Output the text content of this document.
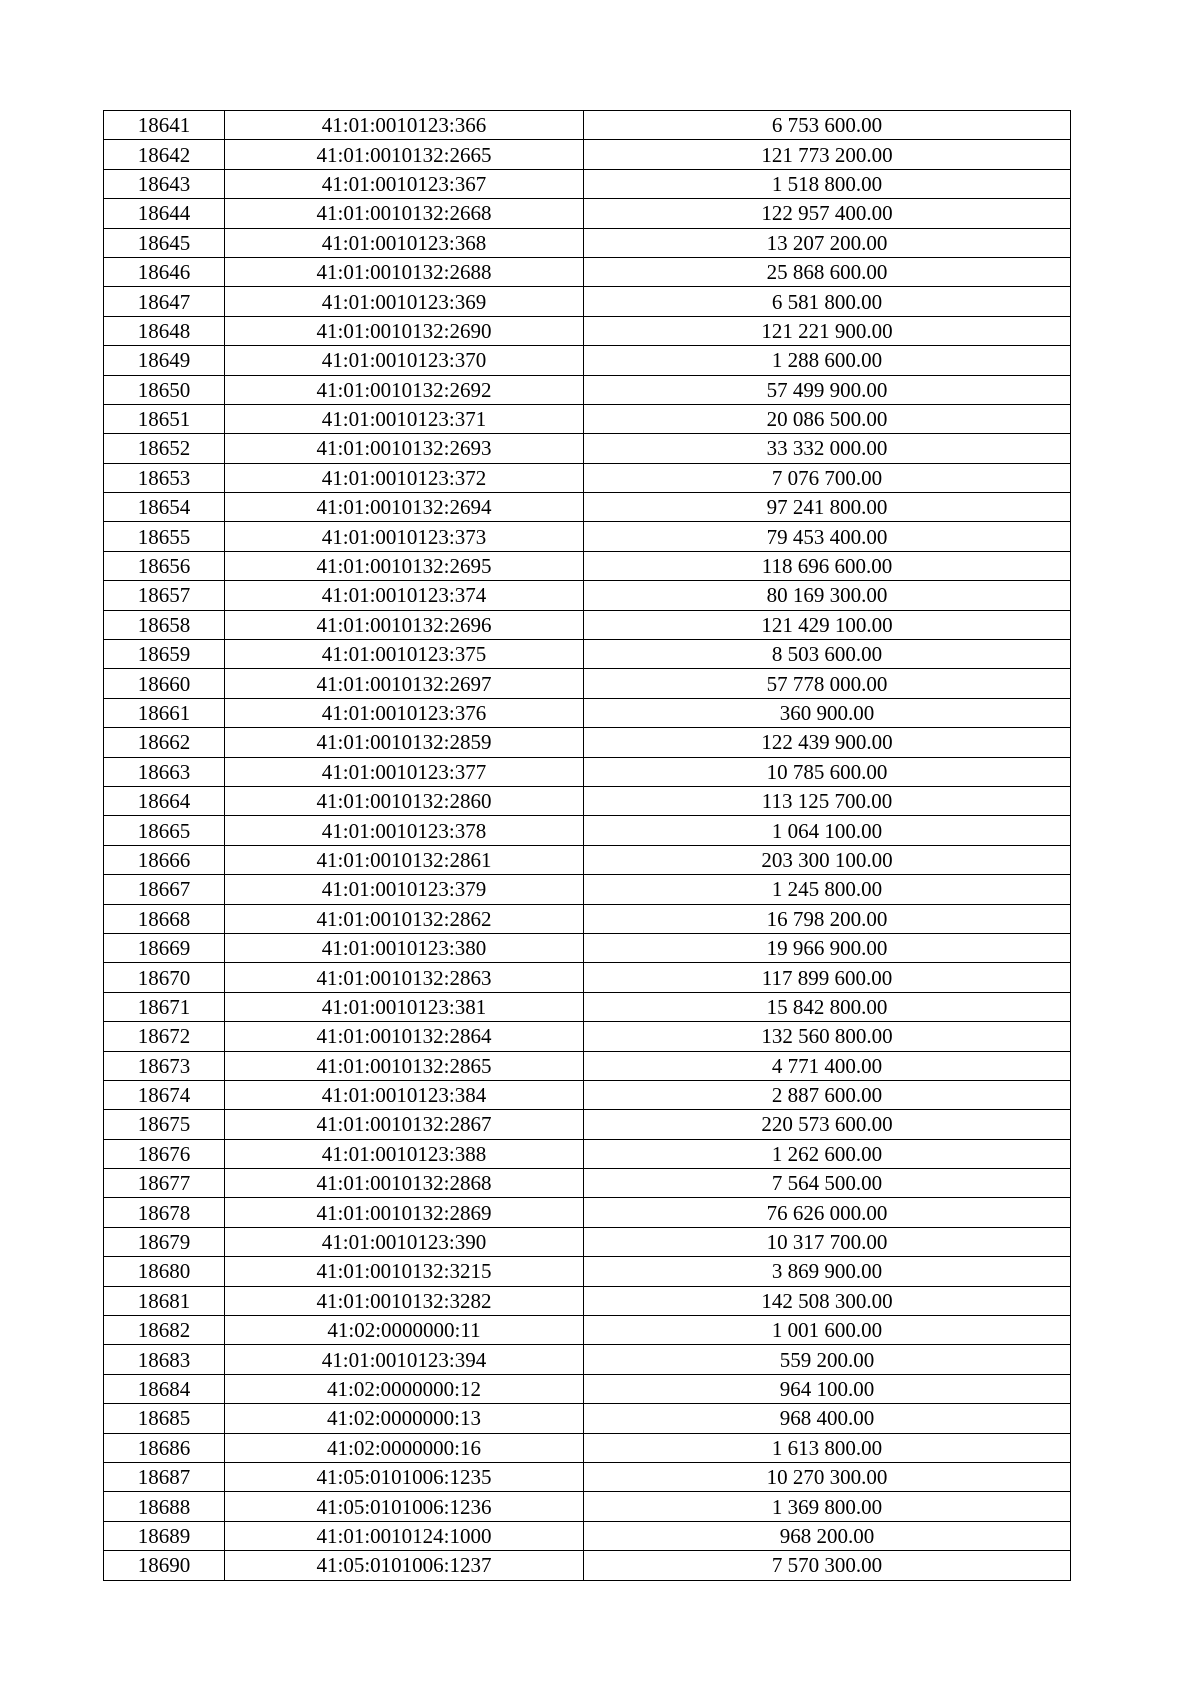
18641	41:01:0010123:366	6 753 600.00
18642	41:01:0010132:2665	121 773 200.00
18643	41:01:0010123:367	1 518 800.00
18644	41:01:0010132:2668	122 957 400.00
18645	41:01:0010123:368	13 207 200.00
18646	41:01:0010132:2688	25 868 600.00
18647	41:01:0010123:369	6 581 800.00
18648	41:01:0010132:2690	121 221 900.00
18649	41:01:0010123:370	1 288 600.00
18650	41:01:0010132:2692	57 499 900.00
18651	41:01:0010123:371	20 086 500.00
18652	41:01:0010132:2693	33 332 000.00
18653	41:01:0010123:372	7 076 700.00
18654	41:01:0010132:2694	97 241 800.00
18655	41:01:0010123:373	79 453 400.00
18656	41:01:0010132:2695	118 696 600.00
18657	41:01:0010123:374	80 169 300.00
18658	41:01:0010132:2696	121 429 100.00
18659	41:01:0010123:375	8 503 600.00
18660	41:01:0010132:2697	57 778 000.00
18661	41:01:0010123:376	360 900.00
18662	41:01:0010132:2859	122 439 900.00
18663	41:01:0010123:377	10 785 600.00
18664	41:01:0010132:2860	113 125 700.00
18665	41:01:0010123:378	1 064 100.00
18666	41:01:0010132:2861	203 300 100.00
18667	41:01:0010123:379	1 245 800.00
18668	41:01:0010132:2862	16 798 200.00
18669	41:01:0010123:380	19 966 900.00
18670	41:01:0010132:2863	117 899 600.00
18671	41:01:0010123:381	15 842 800.00
18672	41:01:0010132:2864	132 560 800.00
18673	41:01:0010132:2865	4 771 400.00
18674	41:01:0010123:384	2 887 600.00
18675	41:01:0010132:2867	220 573 600.00
18676	41:01:0010123:388	1 262 600.00
18677	41:01:0010132:2868	7 564 500.00
18678	41:01:0010132:2869	76 626 000.00
18679	41:01:0010123:390	10 317 700.00
18680	41:01:0010132:3215	3 869 900.00
18681	41:01:0010132:3282	142 508 300.00
18682	41:02:0000000:11	1 001 600.00
18683	41:01:0010123:394	559 200.00
18684	41:02:0000000:12	964 100.00
18685	41:02:0000000:13	968 400.00
18686	41:02:0000000:16	1 613 800.00
18687	41:05:0101006:1235	10 270 300.00
18688	41:05:0101006:1236	1 369 800.00
18689	41:01:0010124:1000	968 200.00
18690	41:05:0101006:1237	7 570 300.00
